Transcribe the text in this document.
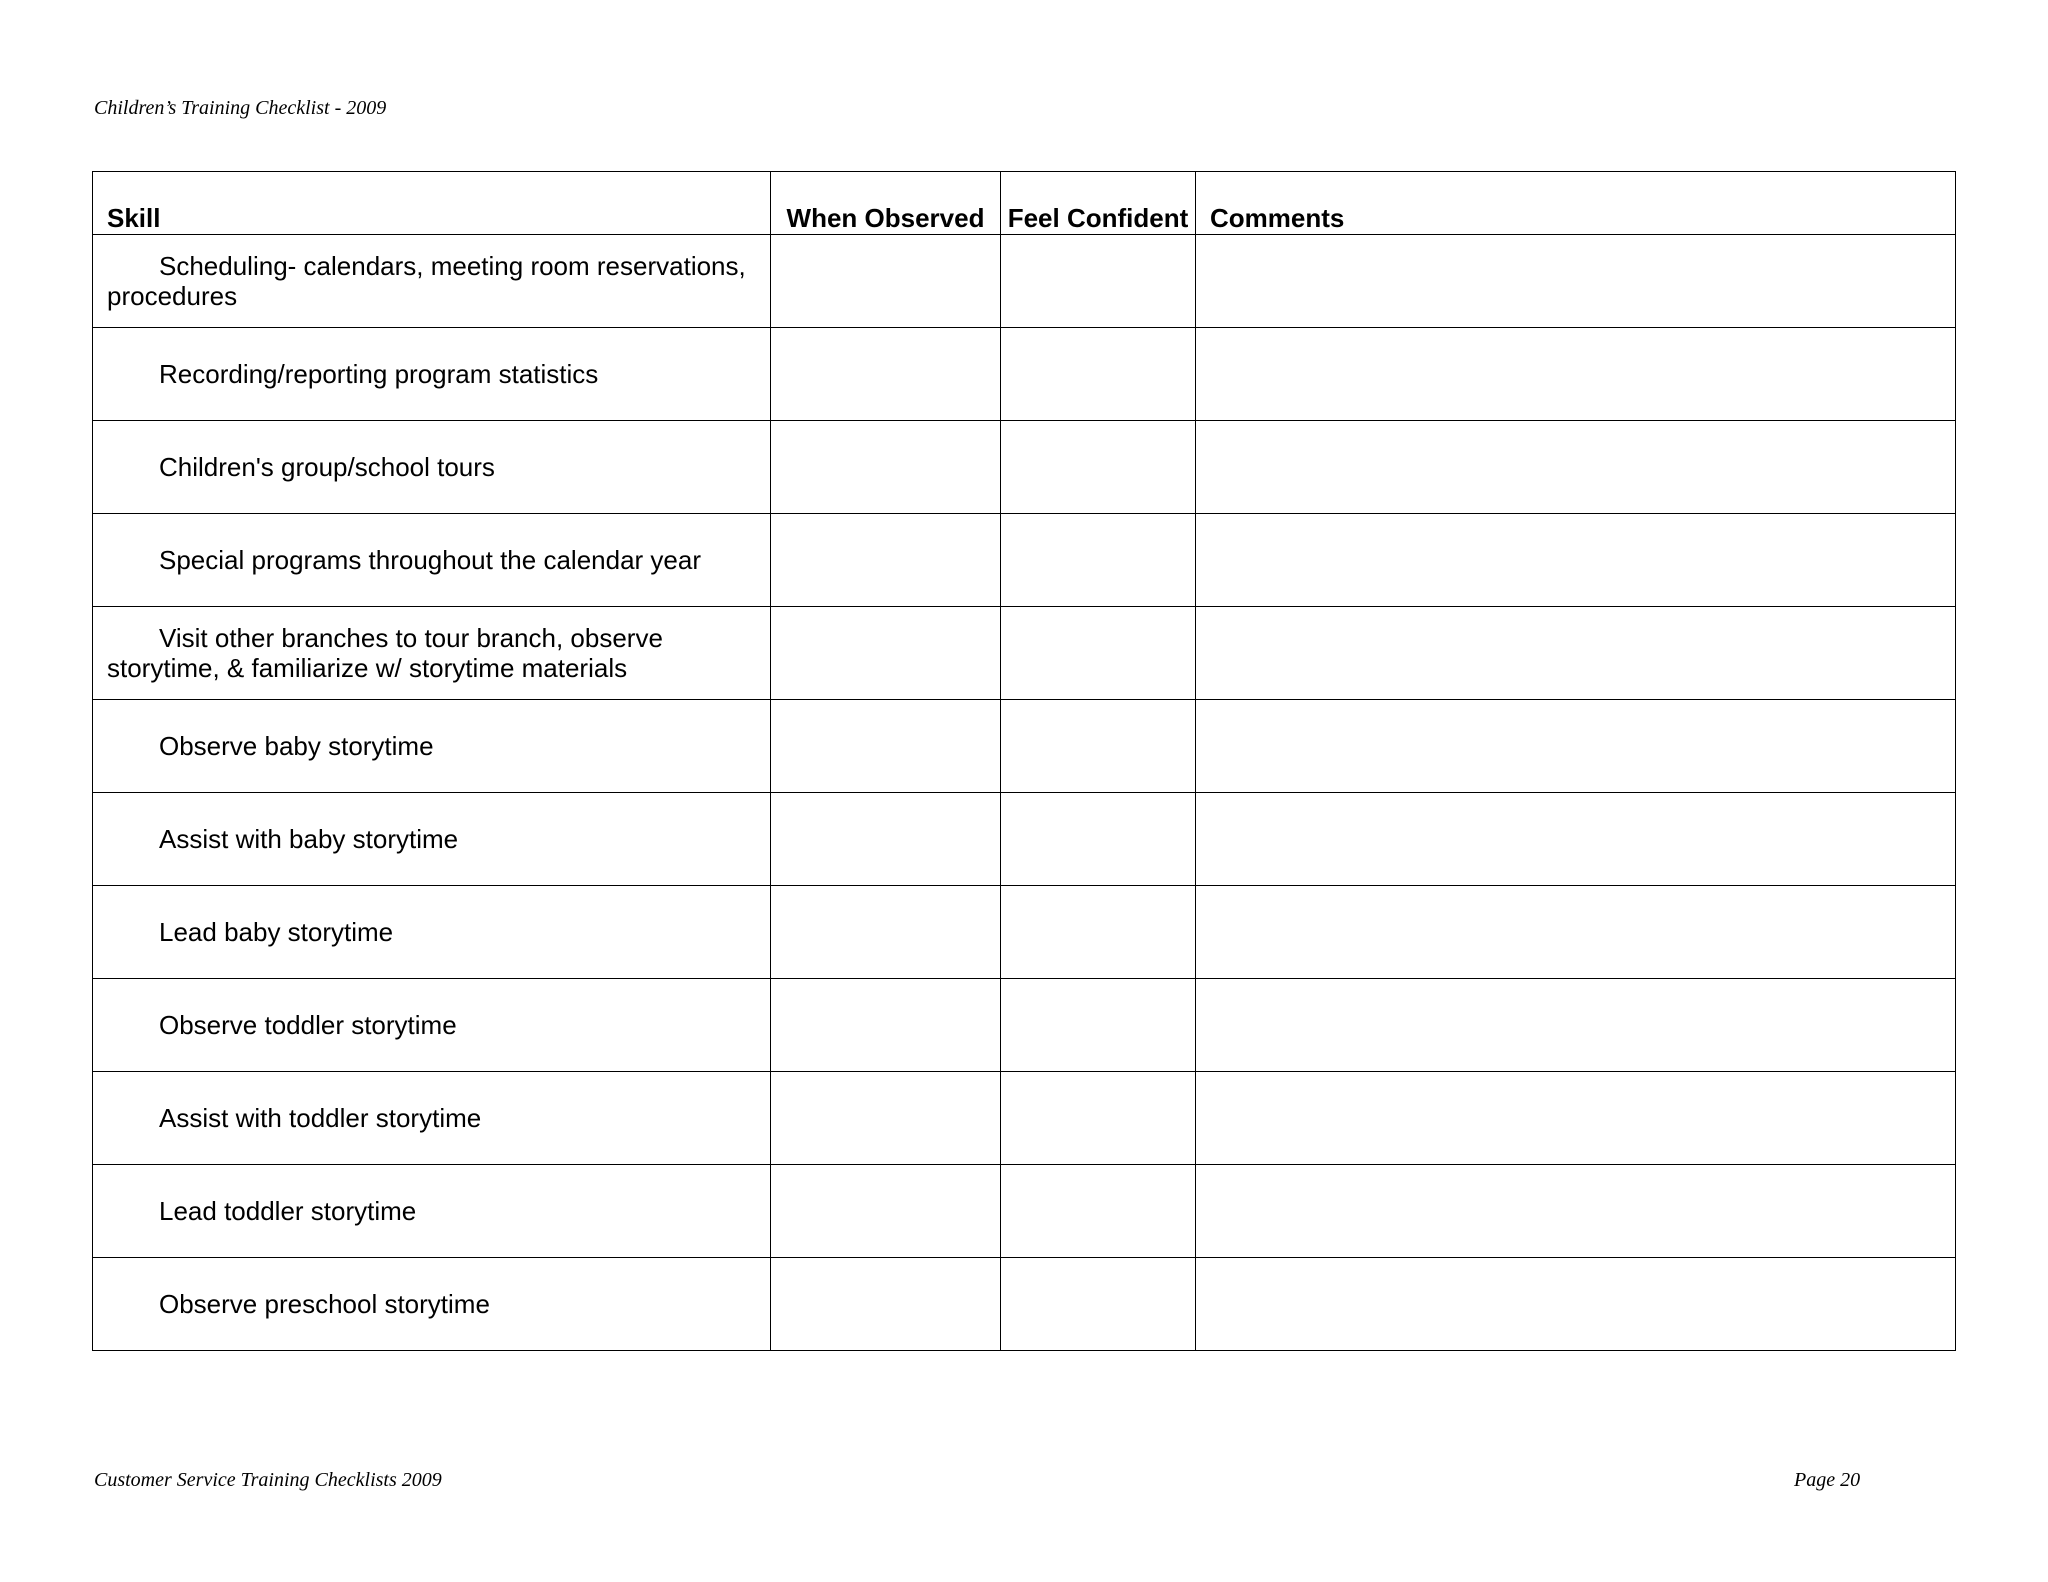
Children’s Training Checklist - 2009
Skill	When Observed	Feel Confident	Comments
Scheduling- calendars, meeting room reservations, procedures			
Recording/reporting program statistics			
Children's group/school tours			
Special programs throughout the calendar year			
Visit other branches to tour branch, observe storytime, & familiarize w/ storytime materials			
Observe baby storytime			
Assist with baby storytime			
Lead baby storytime			
Observe toddler storytime			
Assist with toddler storytime			
Lead toddler storytime			
Observe preschool storytime			
Customer Service Training Checklists 2009	Page 20
